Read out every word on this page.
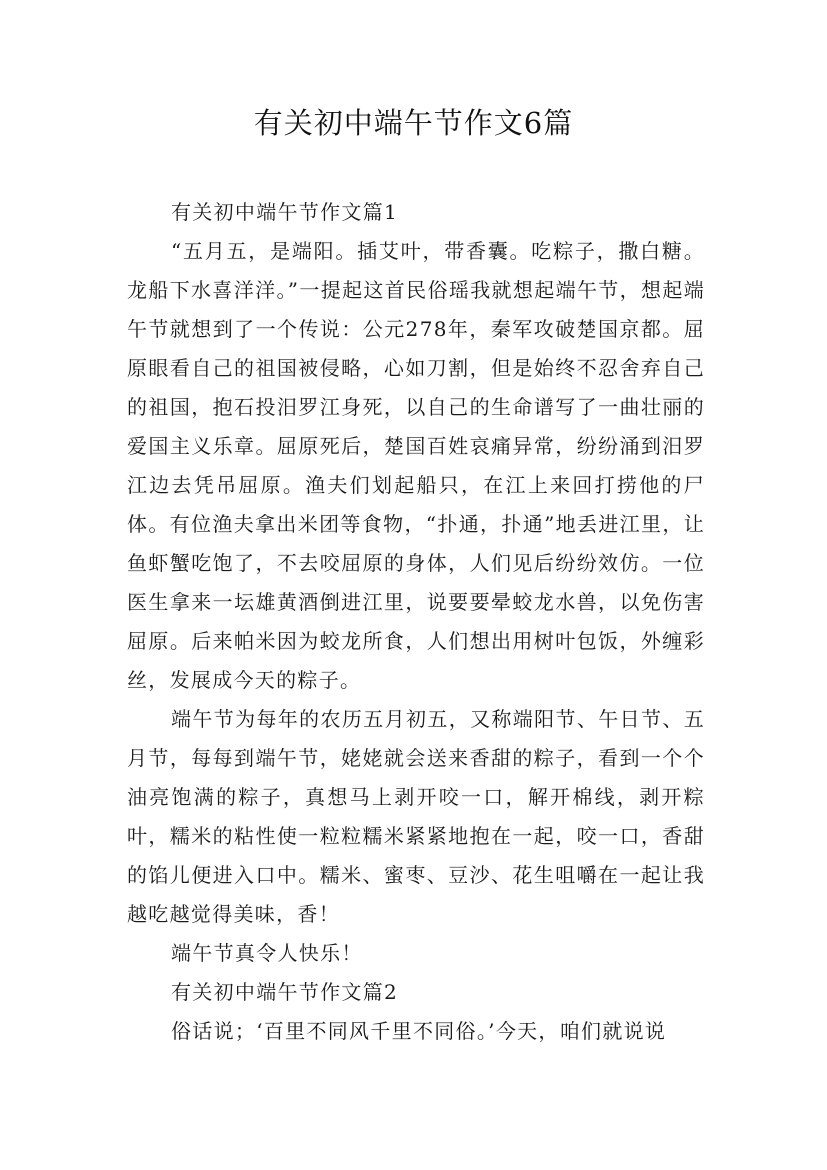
有关初中端午节作文6篇

有关初中端午节作文篇1

“五月五，是端阳。插艾叶，带香囊。吃粽子，撒白糖。龙船下水喜洋洋。”一提起这首民俗瑶我就想起端午节，想起端午节就想到了一个传说：公元278年，秦军攻破楚国京都。屈原眼看自己的祖国被侵略，心如刀割，但是始终不忍舍弃自己的祖国，抱石投汨罗江身死，以自己的生命谱写了一曲壮丽的爱国主义乐章。屈原死后，楚国百姓哀痛异常，纷纷涌到汨罗江边去凭吊屈原。渔夫们划起船只，在江上来回打捞他的尸体。有位渔夫拿出米团等食物，“扑通，扑通”地丢进江里，让鱼虾蟹吃饱了，不去咬屈原的身体，人们见后纷纷效仿。一位医生拿来一坛雄黄酒倒进江里，说要要晕蛟龙水兽，以免伤害屈原。后来帕米因为蛟龙所食，人们想出用树叶包饭，外缠彩丝，发展成今天的粽子。

端午节为每年的农历五月初五，又称端阳节、午日节、五月节，每每到端午节，姥姥就会送来香甜的粽子，看到一个个油亮饱满的粽子，真想马上剥开咬一口，解开棉线，剥开粽叶，糯米的粘性使一粒粒糯米紧紧地抱在一起，咬一口，香甜的馅儿便进入口中。糯米、蜜枣、豆沙、花生咀嚼在一起让我越吃越觉得美味，香！

端午节真令人快乐！

有关初中端午节作文篇2

俗话说；‘百里不同风千里不同俗。’今天，咱们就说说
